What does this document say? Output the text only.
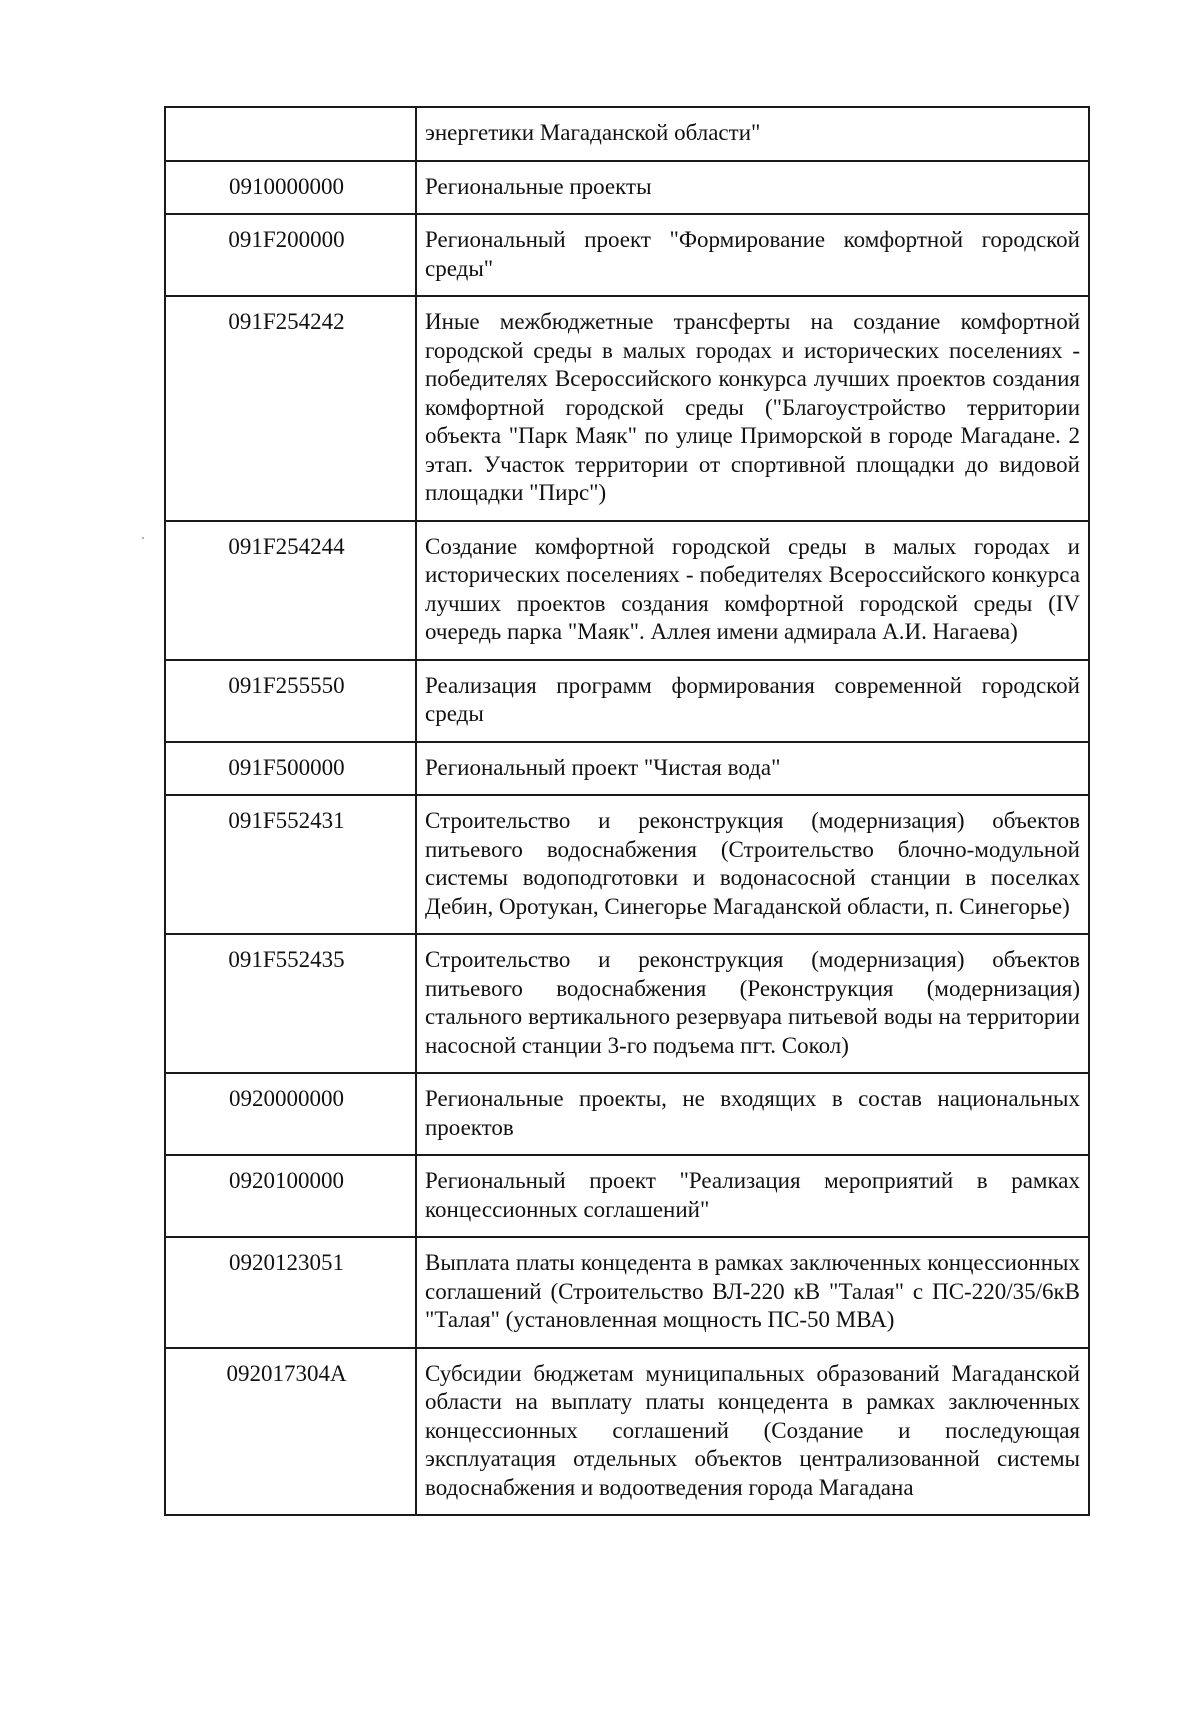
	энергетики Магаданской области"
0910000000	Региональные проекты
091F200000	Региональный проект "Формирование комфортной городской среды"
091F254242	Иные межбюджетные трансферты на создание комфортной городской среды в малых городах и исторических поселениях - победителях Всероссийского конкурса лучших проектов создания комфортной городской среды ("Благоустройство территории объекта "Парк Маяк" по улице Приморской в городе Магадане. 2 этап. Участок территории от спортивной площадки до видовой площадки "Пирс")
091F254244	Создание комфортной городской среды в малых городах и исторических поселениях - победителях Всероссийского конкурса лучших проектов создания комфортной городской среды (IV очередь парка "Маяк". Аллея имени адмирала А.И. Нагаева)
091F255550	Реализация программ формирования современной городской среды
091F500000	Региональный проект "Чистая вода"
091F552431	Строительство и реконструкция (модернизация) объектов питьевого водоснабжения (Строительство блочно-модульной системы водоподготовки и водонасосной станции в поселках Дебин, Оротукан, Синегорье Магаданской области, п. Синегорье)
091F552435	Строительство и реконструкция (модернизация) объектов питьевого водоснабжения (Реконструкция (модернизация) стального вертикального резервуара питьевой воды на территории насосной станции 3-го подъема пгт. Сокол)
0920000000	Региональные проекты, не входящих в состав национальных проектов
0920100000	Региональный проект "Реализация мероприятий в рамках концессионных соглашений"
0920123051	Выплата платы концедента в рамках заключенных концессионных соглашений (Строительство ВЛ-220 кВ "Талая" с ПС-220/35/6кВ "Талая" (установленная мощность ПС-50 МВА)
092017304A	Субсидии бюджетам муниципальных образований Магаданской области на выплату платы концедента в рамках заключенных концессионных соглашений (Создание и последующая эксплуатация отдельных объектов централизованной системы водоснабжения и водоотведения города Магадана
